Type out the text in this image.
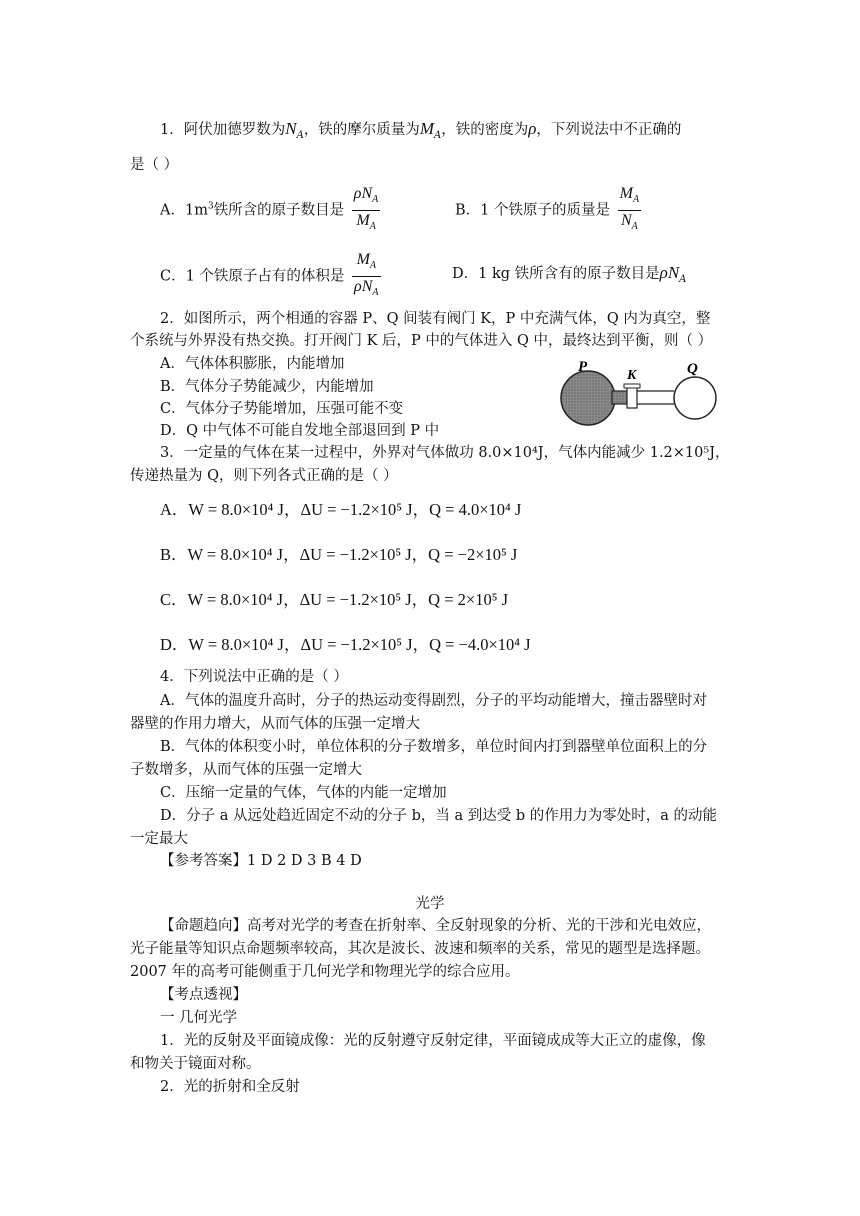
1．阿伏加德罗数为$N_A$，铁的摩尔质量为$M_A$，铁的密度为ρ，下列说法中不正确的
是（ ）
A．$1m^3$铁所含的原子数目是 $\frac{\rho N_A}{M_A}$	B．1 个铁原子的质量是 $\frac{M_A}{N_A}$
C．1 个铁原子占有的体积是 $\frac{M_A}{\rho N_A}$	D．1 kg 铁所含有的原子数目是$\rho N_A$
2．如图所示，两个相通的容器 P、Q 间装有阀门 K，P 中充满气体，Q 内为真空，整
个系统与外界没有热交换。打开阀门 K 后，P 中的气体进入 Q 中，最终达到平衡，则（ ）
A．气体体积膨胀，内能增加
B．气体分子势能减少，内能增加
C．气体分子势能增加，压强可能不变
D．Q 中气体不可能自发地全部退回到 P 中
P
K	Q
3．一定量的气体在某一过程中，外界对气体做功 8.0×10⁴J，气体内能减少 1.2×10⁵J，
传递热量为 Q，则下列各式正确的是（ ）
A．W = 8.0×10⁴ J，ΔU = −1.2×10⁵ J，Q = 4.0×10⁴ J
B．W = 8.0×10⁴ J，ΔU = −1.2×10⁵ J，Q = −2×10⁵ J
C．W = 8.0×10⁴ J，ΔU = −1.2×10⁵ J，Q = 2×10⁵ J
D．W = 8.0×10⁴ J，ΔU = −1.2×10⁵ J，Q = −4.0×10⁴ J
4．下列说法中正确的是（ ）
A．气体的温度升高时，分子的热运动变得剧烈，分子的平均动能增大，撞击器壁时对
器壁的作用力增大，从而气体的压强一定增大
B．气体的体积变小时，单位体积的分子数增多，单位时间内打到器壁单位面积上的分
子数增多，从而气体的压强一定增大
C．压缩一定量的气体，气体的内能一定增加
D．分子 a 从远处趋近固定不动的分子 b，当 a 到达受 b 的作用力为零处时，a 的动能
一定最大
【参考答案】1 D 2 D 3 B 4 D
光学
【命题趋向】高考对光学的考查在折射率、全反射现象的分析、光的干涉和光电效应，
光子能量等知识点命题频率较高，其次是波长、波速和频率的关系，常见的题型是选择题。
2007 年的高考可能侧重于几何光学和物理光学的综合应用。
【考点透视】
一 几何光学
1．光的反射及平面镜成像：光的反射遵守反射定律，平面镜成成等大正立的虚像，像
和物关于镜面对称。
2．光的折射和全反射
